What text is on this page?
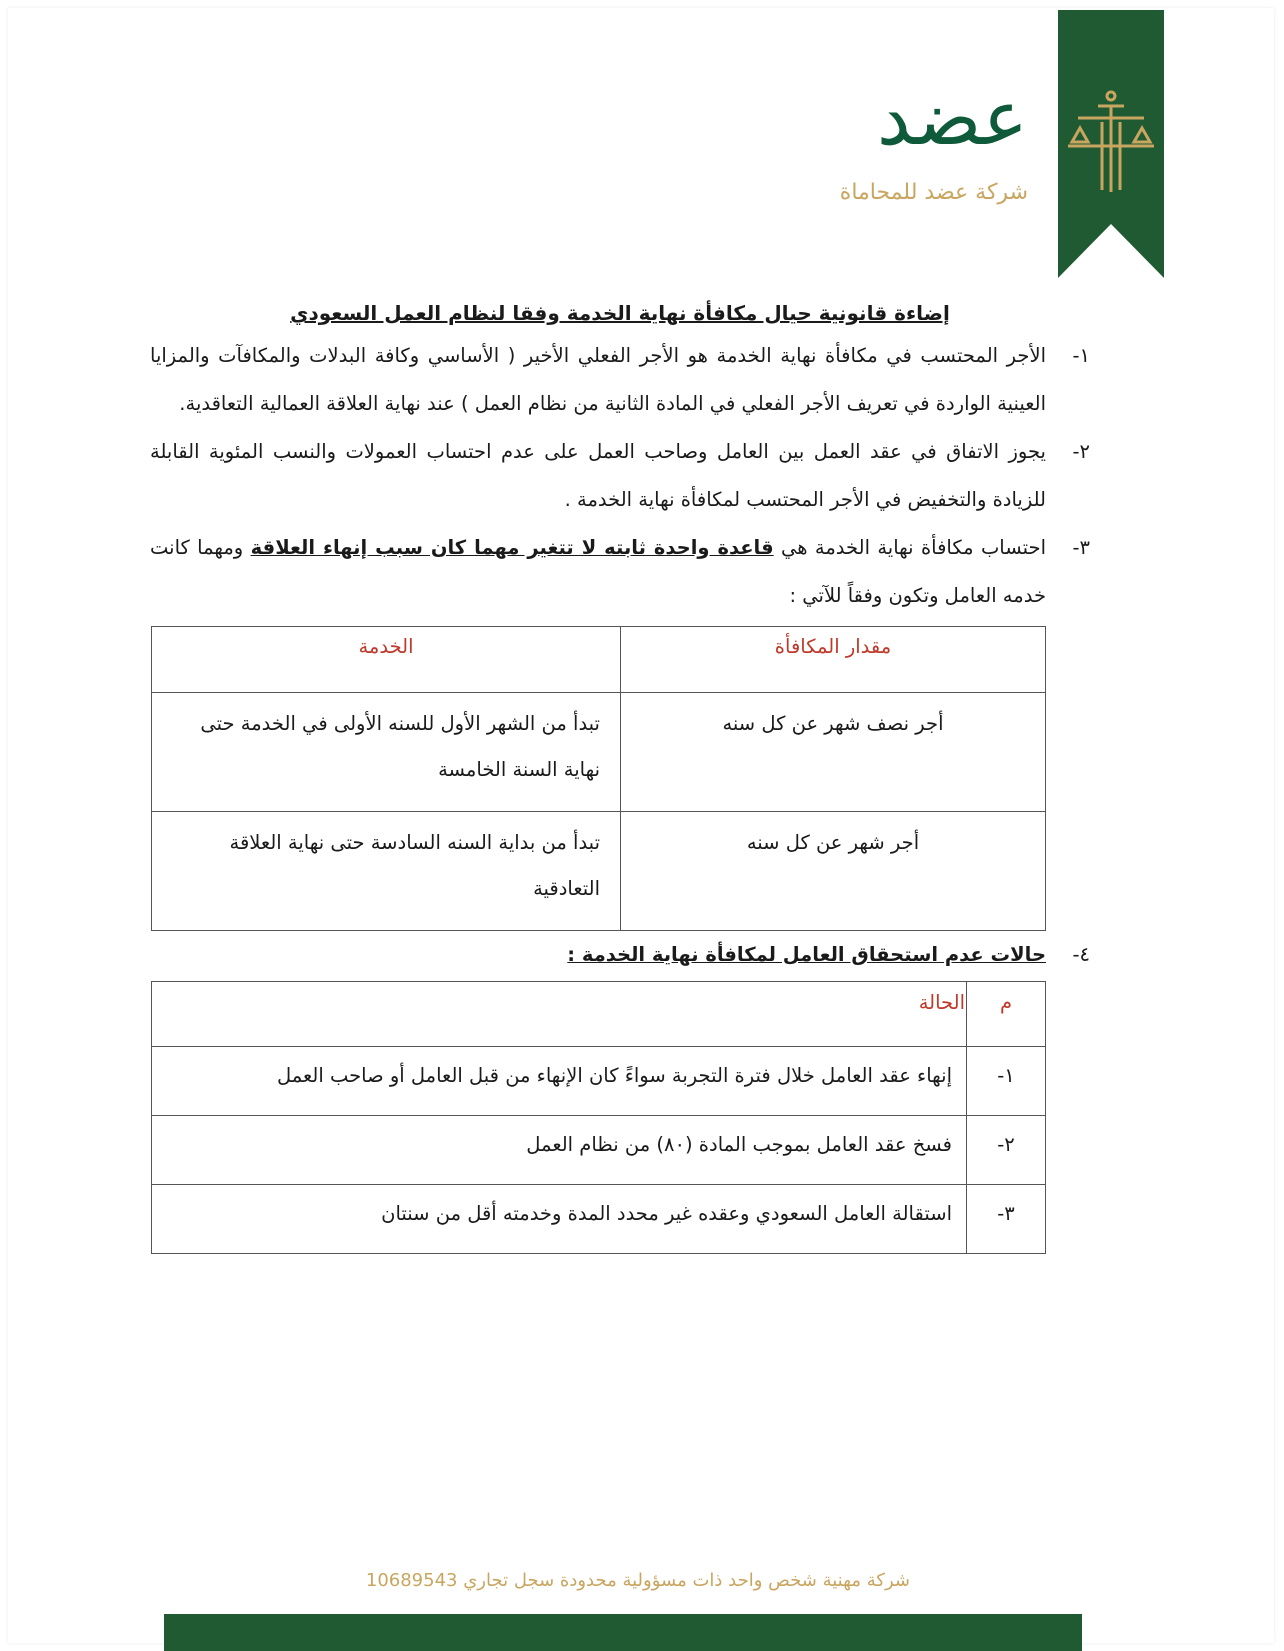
عضد
شركة عضد للمحاماة
إضاءة قانونية حيال مكافأة نهاية الخدمة وفقا لنظام العمل السعودي
١-
الأجر المحتسب في مكافأة نهاية الخدمة هو الأجر الفعلي الأخير ( الأساسي وكافة البدلات والمكافآت والمزايا العينية الواردة في تعريف الأجر الفعلي في المادة الثانية من نظام العمل ) عند نهاية العلاقة العمالية التعاقدية.
٢-
يجوز الاتفاق في عقد العمل بين العامل وصاحب العمل على عدم احتساب العمولات والنسب المئوية القابلة للزيادة والتخفيض في الأجر المحتسب لمكافأة نهاية الخدمة .
٣-
احتساب مكافأة نهاية الخدمة هي قاعدة واحدة ثابته لا تتغير مهما كان سبب إنهاء العلاقة ومهما كانت خدمه العامل وتكون وفقاً للآتي :
مقدار المكافأة	الخدمة
أجر نصف شهر عن كل سنه	تبدأ من الشهر الأول للسنه الأولى في الخدمة حتى نهاية السنة الخامسة
أجر شهر عن كل سنه	تبدأ من بداية السنه السادسة حتى نهاية العلاقة التعادقية
٤-
حالات عدم استحقاق العامل لمكافأة نهاية الخدمة :
م	الحالة
١-	إنهاء عقد العامل خلال فترة التجربة سواءً كان الإنهاء من قبل العامل أو صاحب العمل
٢-	فسخ عقد العامل بموجب المادة (٨٠) من نظام العمل
٣-	استقالة العامل السعودي وعقده غير محدد المدة وخدمته أقل من سنتان
شركة مهنية شخص واحد ذات مسؤولية محدودة سجل تجاري 10689543
